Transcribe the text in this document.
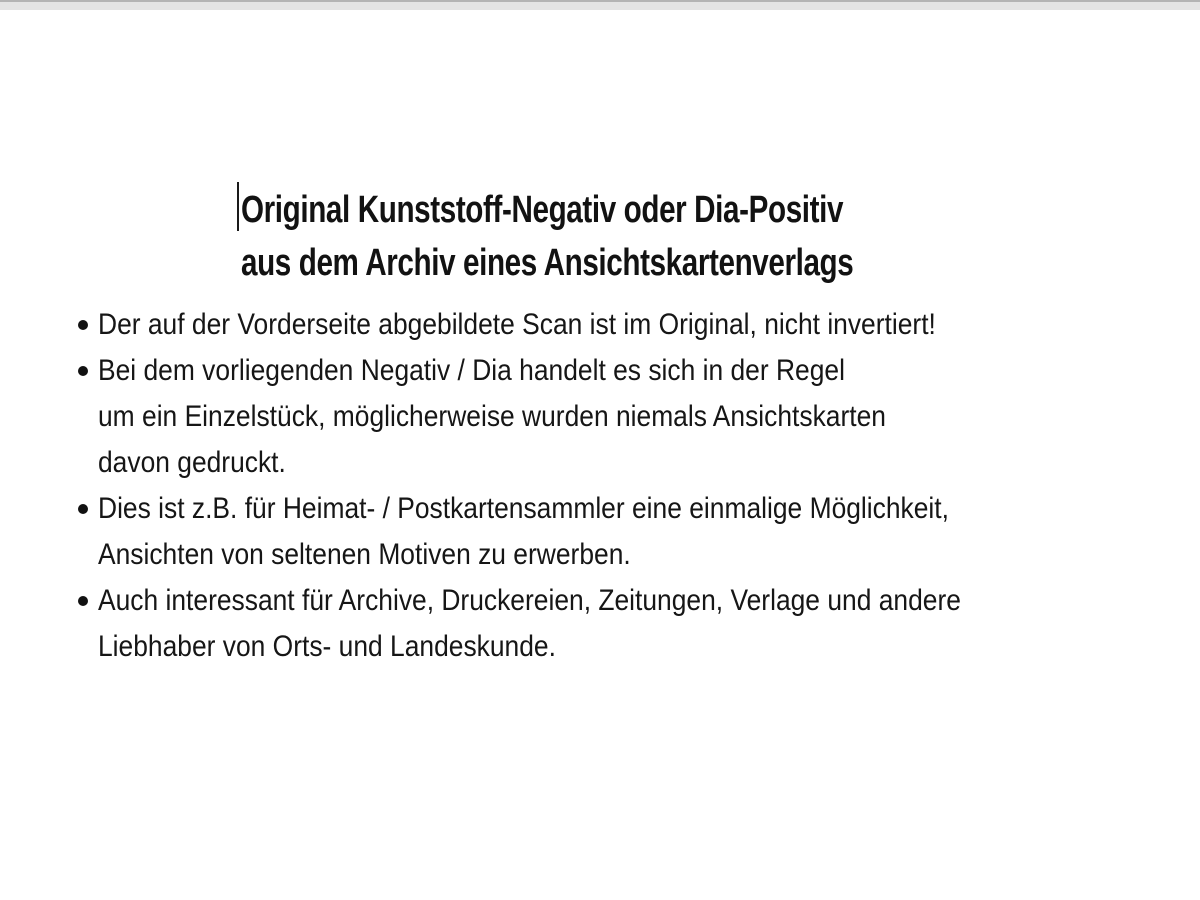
Original Kunststoff-Negativ oder Dia-Positiv
aus dem Archiv eines Ansichtskartenverlags
Der auf der Vorderseite abgebildete Scan ist im Original, nicht invertiert!
Bei dem vorliegenden Negativ / Dia handelt es sich in der Regel
um ein Einzelstück, möglicherweise wurden niemals Ansichtskarten
davon gedruckt.
Dies ist z.B. für Heimat- / Postkartensammler eine einmalige Möglichkeit,
Ansichten von seltenen Motiven zu erwerben.
Auch interessant für Archive, Druckereien, Zeitungen, Verlage und andere
Liebhaber von Orts- und Landeskunde.
